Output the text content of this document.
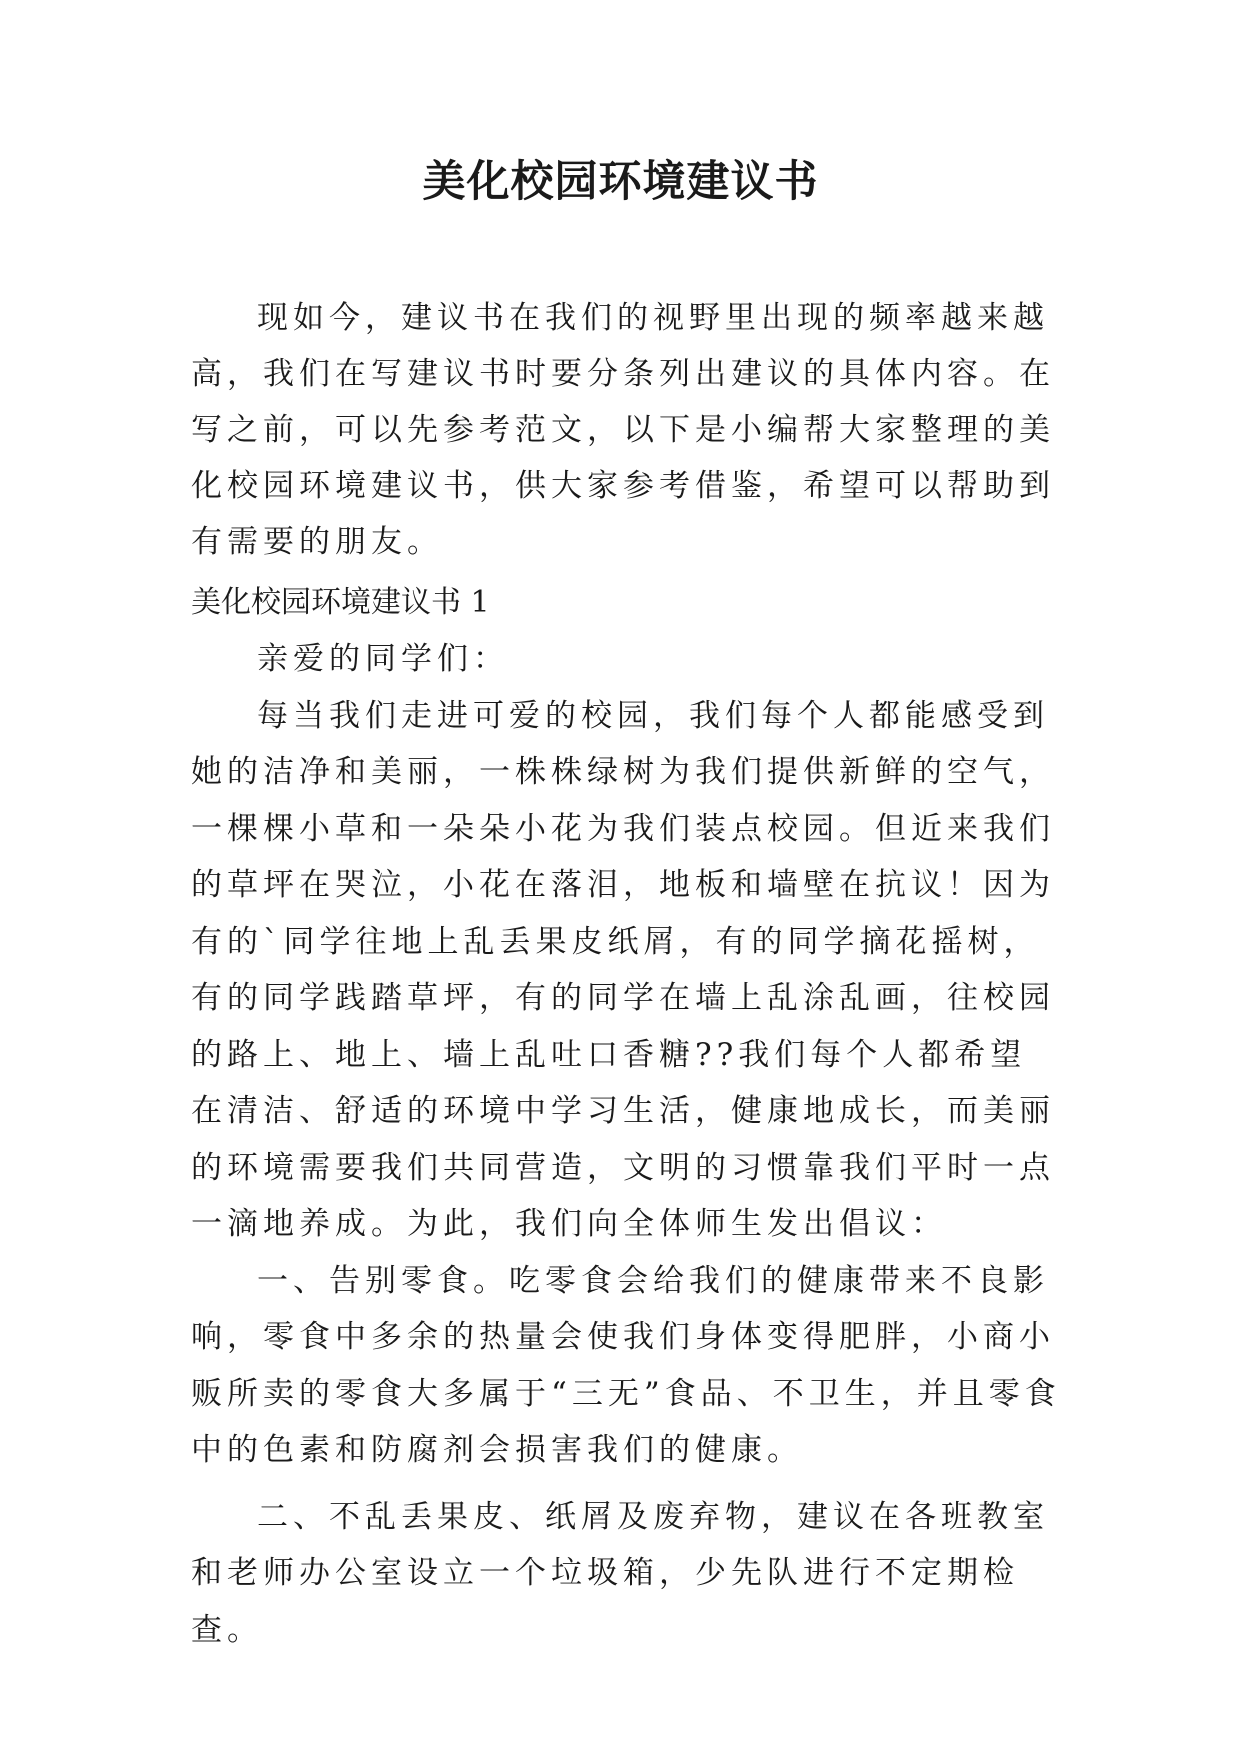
美化校园环境建议书

现如今，建议书在我们的视野里出现的频率越来越高，我们在写建议书时要分条列出建议的具体内容。在写之前，可以先参考范文，以下是小编帮大家整理的美化校园环境建议书，供大家参考借鉴，希望可以帮助到有需要的朋友。

美化校园环境建议书 1

亲爱的同学们：

每当我们走进可爱的校园，我们每个人都能感受到她的洁净和美丽，一株株绿树为我们提供新鲜的空气，一棵棵小草和一朵朵小花为我们装点校园。但近来我们的草坪在哭泣，小花在落泪，地板和墙壁在抗议！因为有的`同学往地上乱丢果皮纸屑，有的同学摘花摇树，有的同学践踏草坪，有的同学在墙上乱涂乱画，往校园的路上、地上、墙上乱吐口香糖??我们每个人都希望在清洁、舒适的环境中学习生活，健康地成长，而美丽的环境需要我们共同营造，文明的习惯靠我们平时一点一滴地养成。为此，我们向全体师生发出倡议：

一、告别零食。吃零食会给我们的健康带来不良影响，零食中多余的热量会使我们身体变得肥胖，小商小贩所卖的零食大多属于“三无”食品、不卫生，并且零食中的色素和防腐剂会损害我们的健康。

二、不乱丢果皮、纸屑及废弃物，建议在各班教室和老师办公室设立一个垃圾箱，少先队进行不定期检查。
